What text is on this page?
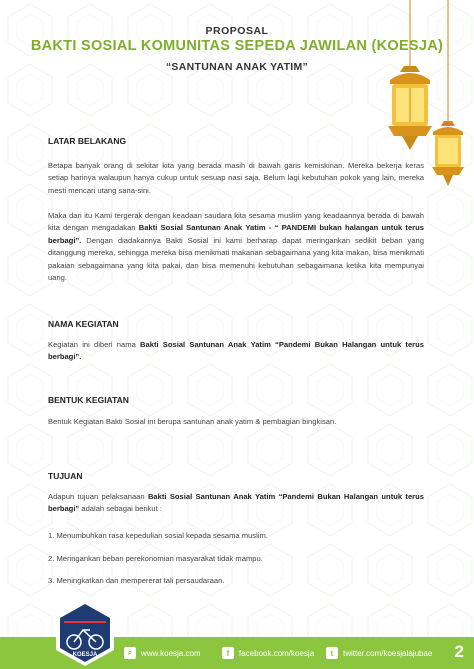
PROPOSAL
BAKTI SOSIAL KOMUNITAS SEPEDA JAWILAN (KOESJA)
“SANTUNAN ANAK YATIM”
LATAR BELAKANG
Betapa banyak orang di sekitar kita yang berada masih di bawah garis kemiskinan. Mereka bekerja keras setiap harinya walaupun hanya cukup untuk sesuap nasi saja. Belum lagi kebutuhan pokok yang lain, mereka mesti mencari utang sana-sini.
Maka dari itu Kami tergerak dengan keadaan saudara kita sesama muslim yang keadaannya berada di bawah kita dengan mengadakan Bakti Sosial Santunan Anak Yatim - “ PANDEMI bukan halangan untuk terus berbagi”. Dengan diadakannya Bakti Sosial ini kami berharap dapat meringankan sedikit beban yang ditanggung mereka, sehingga mereka bisa menikmati makanan sebagaimana yang kita makan, bisa menikmati pakaian sebagaimana yang kita pakai, dan bisa memenuhi kebutuhan sebagaimana ketika kita mempunyai uang.
NAMA KEGIATAN
Kegiatan ini diberi nama Bakti Sosial Santunan Anak Yatim “Pandemi Bukan Halangan untuk terus berbagi”.
BENTUK KEGIATAN
Bentuk Kegiatan Bakti Sosial ini berupa santunan anak yatim & pembagian bingkisan.
TUJUAN
Adapun tujuan pelaksanaan Bakti Sosial Santunan Anak Yatim “Pandemi Bukan Halangan untuk terus berbagi” adalah sebagai berikut :
1. Menumbuhkan rasa kepedulian sosial kepada sesama muslim.
2. Meringankan beban perekonomian masyarakat tidak mampu.
3. Meningkatkan dan mempererat tali persaudaraan.
KOESJA	⌕	www.koesja.com	f	facebook.com/koesja	t	twitter.com/koesjalajubae 2
